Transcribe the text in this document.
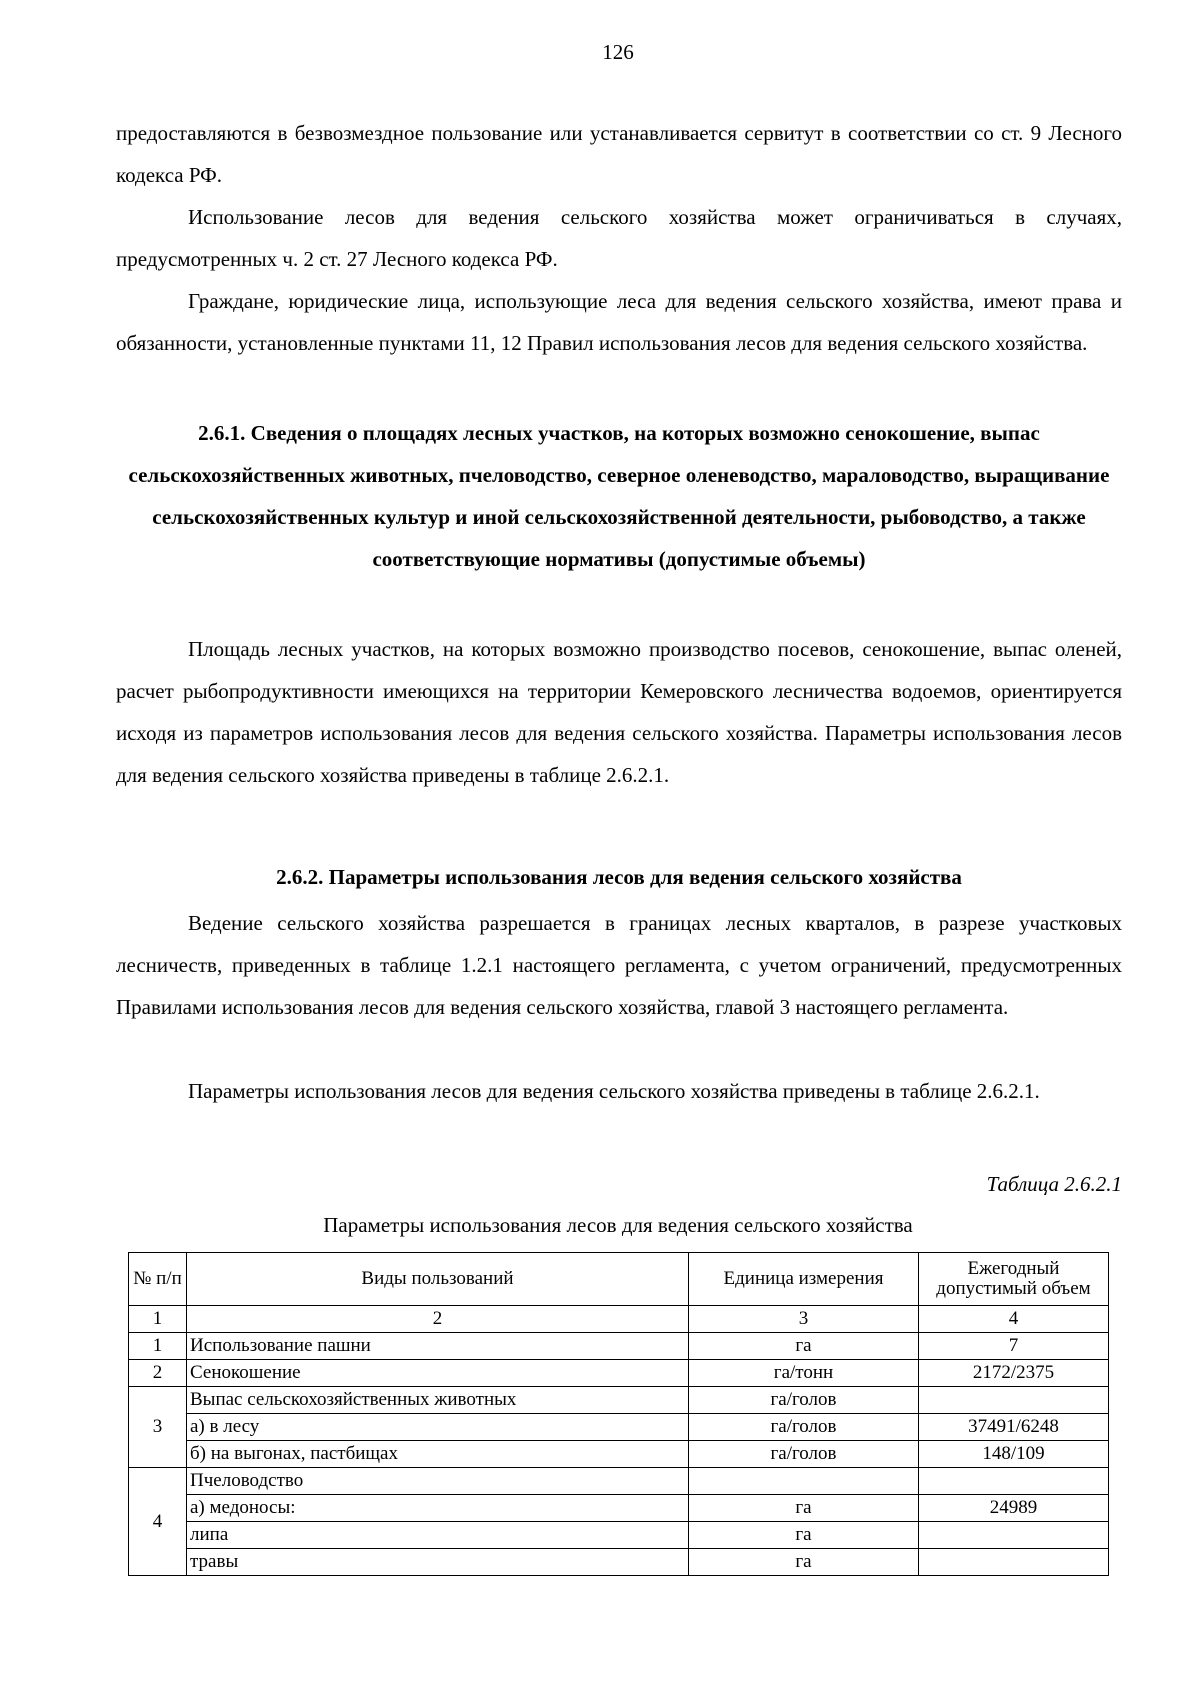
126

предоставляются в безвозмездное пользование или устанавливается сервитут в соответствии со ст. 9 Лесного кодекса РФ.

Использование лесов для ведения сельского хозяйства может ограничиваться в случаях, предусмотренных ч. 2 ст. 27 Лесного кодекса РФ.

Граждане, юридические лица, использующие леса для ведения сельского хозяйства, имеют права и обязанности, установленные пунктами 11, 12 Правил использования лесов для ведения сельского хозяйства.

2.6.1. Сведения о площадях лесных участков, на которых возможно сенокошение, выпас сельскохозяйственных животных, пчеловодство, северное оленеводство, мараловодство, выращивание сельскохозяйственных культур и иной сельскохозяйственной деятельности, рыбоводство, а также соответствующие нормативы (допустимые объемы)

Площадь лесных участков, на которых возможно производство посевов, сенокошение, выпас оленей, расчет рыбопродуктивности имеющихся на территории Кемеровского лесничества водоемов, ориентируется исходя из параметров использования лесов для ведения сельского хозяйства. Параметры использования лесов для ведения сельского хозяйства приведены в таблице 2.6.2.1.

2.6.2. Параметры использования лесов для ведения сельского хозяйства

Ведение сельского хозяйства разрешается в границах лесных кварталов, в разрезе участковых лесничеств, приведенных в таблице 1.2.1 настоящего регламента, с учетом ограничений, предусмотренных Правилами использования лесов для ведения сельского хозяйства, главой 3 настоящего регламента.

Параметры использования лесов для ведения сельского хозяйства приведены в таблице 2.6.2.1.

Таблица 2.6.2.1
Параметры использования лесов для ведения сельского хозяйства
№ п/п	Виды пользований	Единица измерения	Ежегодный допустимый объем
1	2	3	4
1	Использование пашни	га	7
2	Сенокошение	га/тонн	2172/2375
3	Выпас сельскохозяйственных животных	га/голов	
	а) в лесу	га/голов	37491/6248
	б) на выгонах, пастбищах	га/голов	148/109
4	Пчеловодство		
	а) медоносы:	га	24989
	липа	га	
	травы	га	
